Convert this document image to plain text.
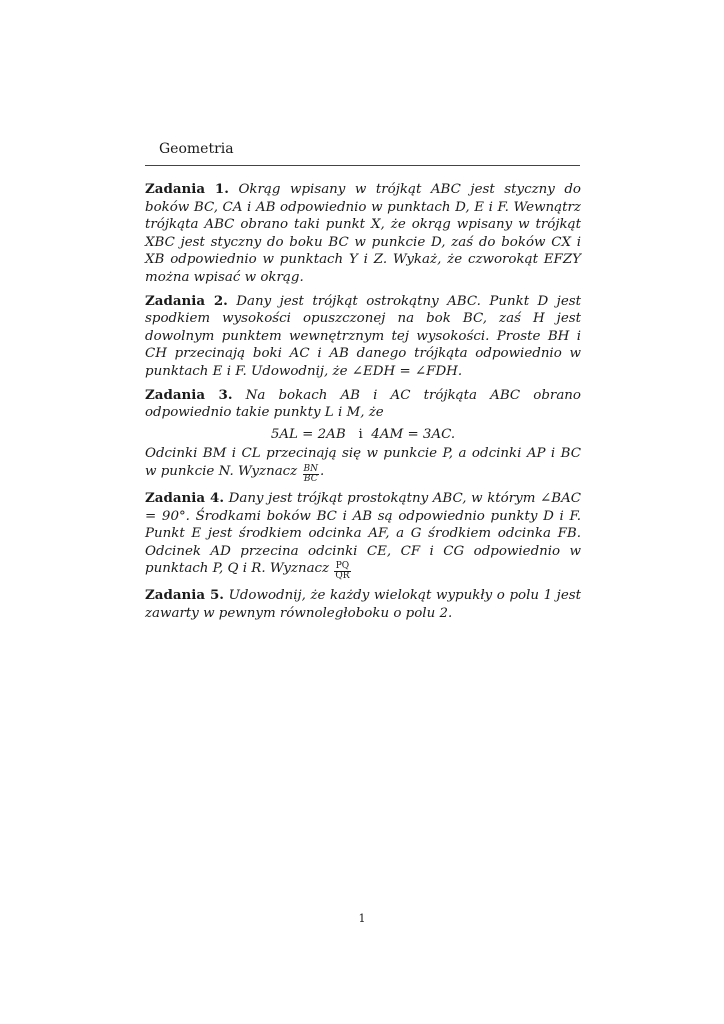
Geometria

Zadania 1. Okrąg wpisany w trójkąt ABC jest styczny do boków BC, CA i AB odpowiednio w punktach D, E i F. Wewnątrz trójkąta ABC obrano taki punkt X, że okrąg wpisany w trójkąt XBC jest styczny do boku BC w punkcie D, zaś do boków CX i XB odpowiednio w punktach Y i Z. Wykaż, że czworokąt EFZY można wpisać w okrąg.

Zadania 2. Dany jest trójkąt ostrokątny ABC. Punkt D jest spodkiem wysokości opuszczonej na bok BC, zaś H jest dowolnym punktem wewnętrznym tej wysokości. Proste BH i CH przecinają boki AC i AB danego trójkąta odpowiednio w punktach E i F. Udowodnij, że ∠EDH = ∠FDH.

Zadania 3. Na bokach AB i AC trójkąta ABC obrano odpowiednio takie punkty L i M, że
5AL = 2AB i 4AM = 3AC.
Odcinki BM i CL przecinają się w punkcie P, a odcinki AP i BC w punkcie N. Wyznacz $\frac{BN}{BC}$ .

Zadania 4. Dany jest trójkąt prostokątny ABC, w którym ∠BAC = 90°. Środkami boków BC i AB są odpowiednio punkty D i F. Punkt E jest środkiem odcinka AF, a G środkiem odcinka FB. Odcinek AD przecina odcinki CE, CF i CG odpowiednio w punktach P, Q i R. Wyznacz $\frac{PQ}{QR}$

Zadania 5. Udowodnij, że każdy wielokąt wypukły o polu 1 jest zawarty w pewnym równoległoboku o polu 2.

1
